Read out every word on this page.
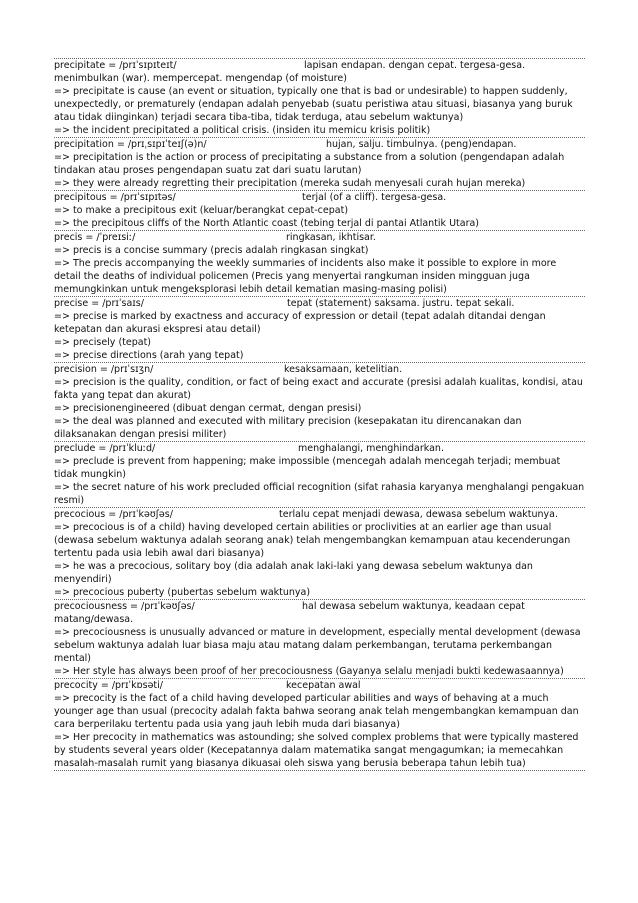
precipitate = /prɪˈsɪpɪteɪt/	lapisan endapan. dengan cepat. tergesa-gesa.
menimbulkan (war). mempercepat. mengendap (of moisture)
=> precipitate is cause (an event or situation, typically one that is bad or undesirable) to happen suddenly, unexpectedly, or prematurely (endapan adalah penyebab (suatu peristiwa atau situasi, biasanya yang buruk atau tidak diinginkan) terjadi secara tiba-tiba, tidak terduga, atau sebelum waktunya)
=> the incident precipitated a political crisis. (insiden itu memicu krisis politik)
precipitation = /prɪˌsɪpɪˈteɪʃ(ə)n/	hujan, salju. timbulnya. (peng)endapan.
=> precipitation is the action or process of precipitating a substance from a solution (pengendapan adalah tindakan atau proses pengendapan suatu zat dari suatu larutan)
=> they were already regretting their precipitation (mereka sudah menyesali curah hujan mereka)
precipitous = /prɪˈsɪpɪtəs/	terjal (of a cliff). tergesa-gesa.
=> to make a precipitous exit (keluar/berangkat cepat-cepat)
=> the precipitous cliffs of the North Atlantic coast (tebing terjal di pantai Atlantik Utara)
precis = /ˈpreɪsiː/	ringkasan, ikhtisar.
=> precis is a concise summary (precis adalah ringkasan singkat)
=> The precis accompanying the weekly summaries of incidents also make it possible to explore in more detail the deaths of individual policemen (Precis yang menyertai rangkuman insiden mingguan juga memungkinkan untuk mengeksplorasi lebih detail kematian masing-masing polisi)
precise = /prɪˈsaɪs/	tepat (statement) saksama. justru. tepat sekali.
=> precise is marked by exactness and accuracy of expression or detail (tepat adalah ditandai dengan ketepatan dan akurasi ekspresi atau detail)
=> precisely (tepat)
=> precise directions (arah yang tepat)
precision = /prɪˈsɪʒn/	kesaksamaan, ketelitian.
=> precision is the quality, condition, or fact of being exact and accurate (presisi adalah kualitas, kondisi, atau fakta yang tepat dan akurat)
=> precisionengineered (dibuat dengan cermat, dengan presisi)
=> the deal was planned and executed with military precision (kesepakatan itu direncanakan dan dilaksanakan dengan presisi militer)
preclude = /prɪˈkluːd/	menghalangi, menghindarkan.
=> preclude is prevent from happening; make impossible (mencegah adalah mencegah terjadi; membuat tidak mungkin)
=> the secret nature of his work precluded official recognition (sifat rahasia karyanya menghalangi pengakuan resmi)
precocious = /prɪˈkəʊʃəs/	terlalu cepat menjadi dewasa, dewasa sebelum waktunya.
=> precocious is of a child) having developed certain abilities or proclivities at an earlier age than usual (dewasa sebelum waktunya adalah seorang anak) telah mengembangkan kemampuan atau kecenderungan tertentu pada usia lebih awal dari biasanya)
=> he was a precocious, solitary boy (dia adalah anak laki-laki yang dewasa sebelum waktunya dan menyendiri)
=> precocious puberty (pubertas sebelum waktunya)
precociousness = /prɪˈkəʊʃəs/	hal dewasa sebelum waktunya, keadaan cepat
matang/dewasa.
=> precociousness is unusually advanced or mature in development, especially mental development (dewasa sebelum waktunya adalah luar biasa maju atau matang dalam perkembangan, terutama perkembangan mental)
=> Her style has always been proof of her precociousness (Gayanya selalu menjadi bukti kedewasaannya)
precocity = /prɪˈkɒsəti/	kecepatan awal
=> precocity is the fact of a child having developed particular abilities and ways of behaving at a much younger age than usual (precocity adalah fakta bahwa seorang anak telah mengembangkan kemampuan dan cara berperilaku tertentu pada usia yang jauh lebih muda dari biasanya)
=> Her precocity in mathematics was astounding; she solved complex problems that were typically mastered by students several years older (Kecepatannya dalam matematika sangat mengagumkan; ia memecahkan masalah-masalah rumit yang biasanya dikuasai oleh siswa yang berusia beberapa tahun lebih tua)
